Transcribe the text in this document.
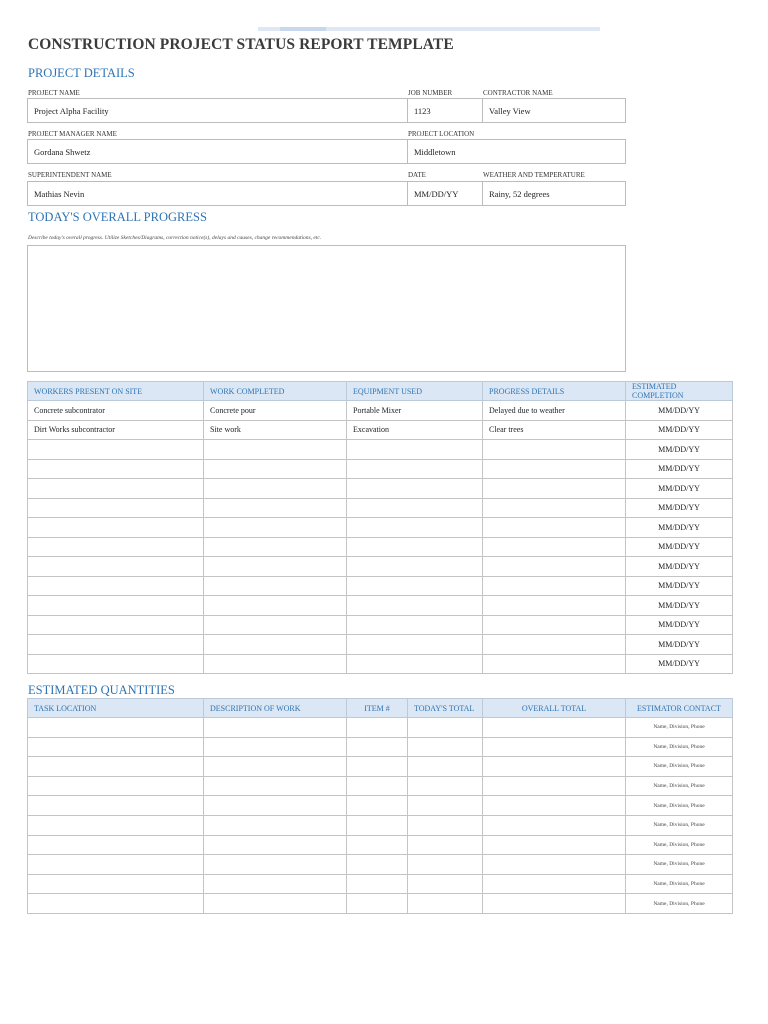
CONSTRUCTION PROJECT STATUS REPORT TEMPLATE
PROJECT DETAILS
PROJECT NAME	JOB NUMBER	CONTRACTOR NAME
Project Alpha Facility	1123	Valley View
PROJECT MANAGER NAME	PROJECT LOCATION
Gordana Shwetz	Middletown
SUPERINTENDENT NAME	DATE	WEATHER AND TEMPERATURE
Mathias Nevin	MM/DD/YY	Rainy, 52 degrees
TODAY'S OVERALL PROGRESS
Describe today's overall progress. Utilize Sketches/Diagrams, correction notice(s), delays and causes, change recommendations, etc.
WORKERS PRESENT ON SITE	WORK COMPLETED	EQUIPMENT USED	PROGRESS DETAILS	ESTIMATED COMPLETION
Concrete subcontrator	Concrete pour	Portable Mixer	Delayed due to weather	MM/DD/YY
Dirt Works subcontractor	Site work	Excavation	Clear trees	MM/DD/YY
				MM/DD/YY
				MM/DD/YY
				MM/DD/YY
				MM/DD/YY
				MM/DD/YY
				MM/DD/YY
				MM/DD/YY
				MM/DD/YY
				MM/DD/YY
				MM/DD/YY
				MM/DD/YY
				MM/DD/YY
ESTIMATED QUANTITIES
TASK LOCATION	DESCRIPTION OF WORK	ITEM #	TODAY'S TOTAL	OVERALL TOTAL	ESTIMATOR CONTACT
					Name, Division, Phone
					Name, Division, Phone
					Name, Division, Phone
					Name, Division, Phone
					Name, Division, Phone
					Name, Division, Phone
					Name, Division, Phone
					Name, Division, Phone
					Name, Division, Phone
					Name, Division, Phone
